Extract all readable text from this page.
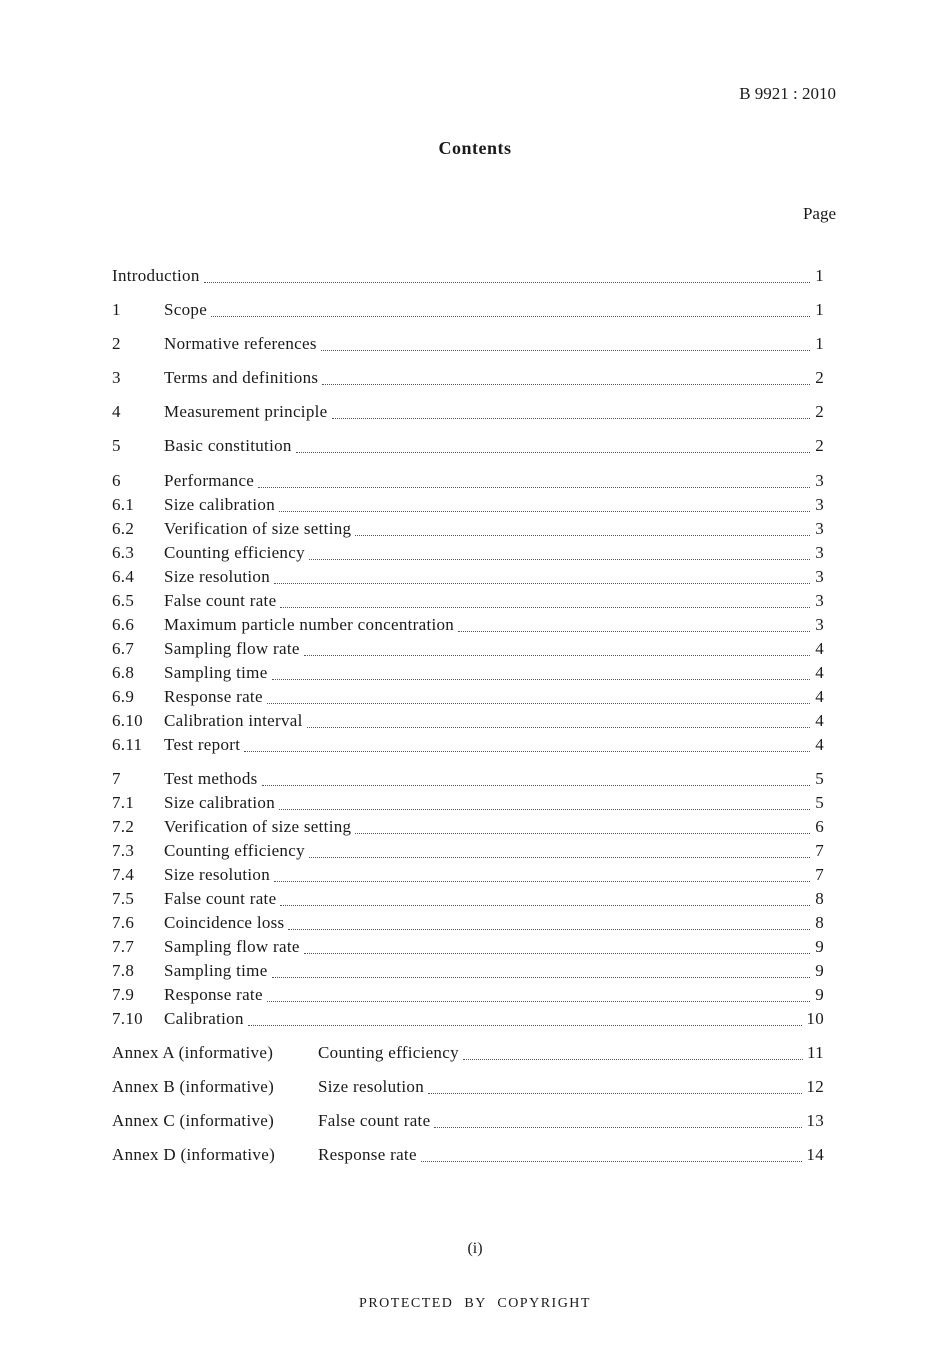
B 9921 : 2010
Contents
Page
Introduction	1
1	Scope	1
2	Normative references	1
3	Terms and definitions	2
4	Measurement principle	2
5	Basic constitution	2
6	Performance	3
6.1	Size calibration	3
6.2	Verification of size setting	3
6.3	Counting efficiency	3
6.4	Size resolution	3
6.5	False count rate	3
6.6	Maximum particle number concentration	3
6.7	Sampling flow rate	4
6.8	Sampling time	4
6.9	Response rate	4
6.10	Calibration interval	4
6.11	Test report	4
7	Test methods	5
7.1	Size calibration	5
7.2	Verification of size setting	6
7.3	Counting efficiency	7
7.4	Size resolution	7
7.5	False count rate	8
7.6	Coincidence loss	8
7.7	Sampling flow rate	9
7.8	Sampling time	9
7.9	Response rate	9
7.10	Calibration	10
Annex A (informative)	Counting efficiency	11
Annex B (informative)	Size resolution	12
Annex C (informative)	False count rate	13
Annex D (informative)	Response rate	14
(i)
PROTECTED BY COPYRIGHT
